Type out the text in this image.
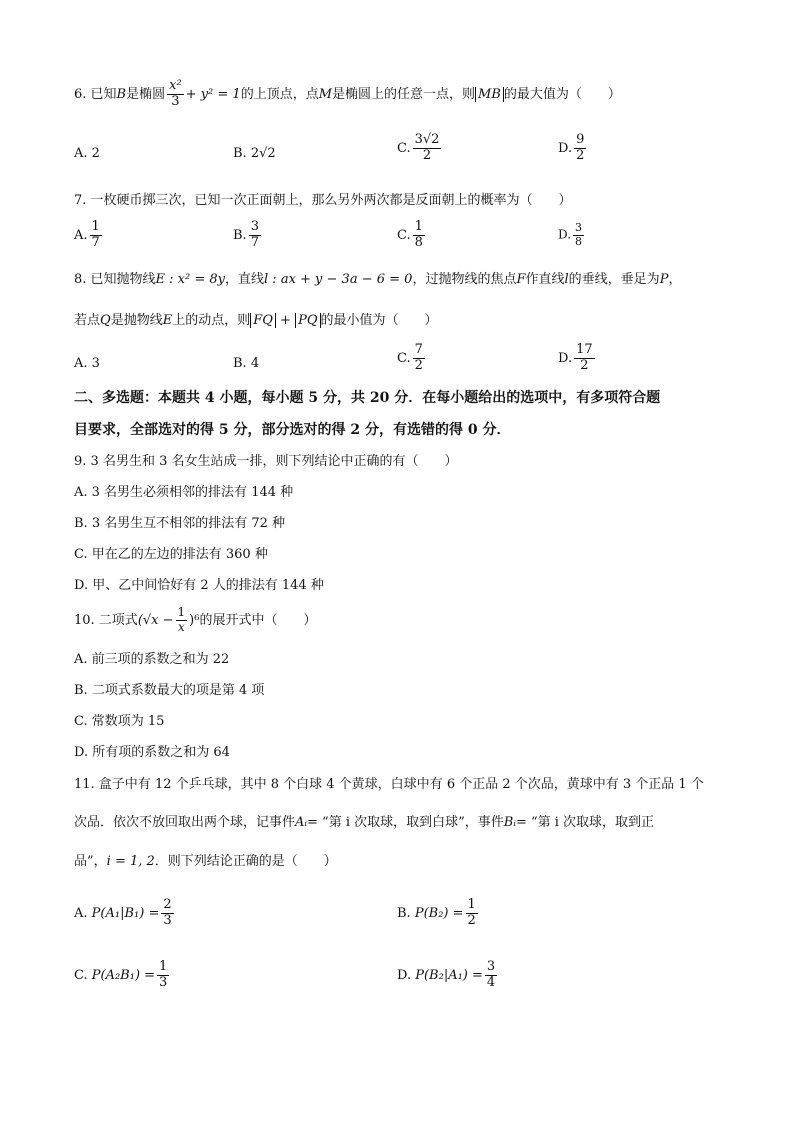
6. 已知B是椭圆 $\frac{\text{x²}}{3} + y^2 = 1$的上顶点，点M是椭圆上的任意一点，则 MB 的最大值为（　　）
A. 2	B. 2√2	C. $\frac{3√2}{2}$	D. $\frac{9}{2}$
7. 一枚硬币掷三次，已知一次正面朝上，那么另外两次都是反面朝上的概率为（　　）
A. $\frac{1}{7}$	B. $\frac{3}{7}$	C. $\frac{1}{8}$	D. $\frac{3}{8}$
8. 已知抛物线E : x² = 8y，直线l : ax + y − 3a − 6 = 0，过抛物线的焦点F作直线l的垂线，垂足为P，
若点Q是抛物线E上的动点，则 FQ + PQ 的最小值为（　　）
A. 3	B. 4	C. $\frac{7}{2}$	D. $\frac{17}{2}$
二、多选题：本题共 4 小题，每小题 5 分，共 20 分．在每小题给出的选项中，有多项符合题
目要求，全部选对的得 5 分，部分选对的得 2 分，有选错的得 0 分．
9. 3 名男生和 3 名女生站成一排，则下列结论中正确的有（　　）
A. 3 名男生必须相邻的排法有 144 种
B. 3 名男生互不相邻的排法有 72 种
C. 甲在乙的左边的排法有 360 种
D. 甲、乙中间恰好有 2 人的排法有 144 种
10. 二项式$(√x - \frac{1}{x} )^6$的展开式中（　　）
A. 前三项的系数之和为 22
B. 二项式系数最大的项是第 4 项
C. 常数项为 15
D. 所有项的系数之和为 64
11. 盒子中有 12 个乒乓球，其中 8 个白球 4 个黄球，白球中有 6 个正品 2 个次品，黄球中有 3 个正品 1 个
次品．依次不放回取出两个球，记事件Aᵢ= “第 i 次取球，取到白球”，事件Bᵢ= “第 i 次取球，取到正
品”，i = 1, 2．则下列结论正确的是（　　）
A. $P(A_1|B_1) = \frac{2}{3}$	B. $P(B_2) = \frac{1}{2}$
C. $P(A_2B_1) = \frac{1}{3}$	D. $P(B_2|A_1) = \frac{3}{4}$
